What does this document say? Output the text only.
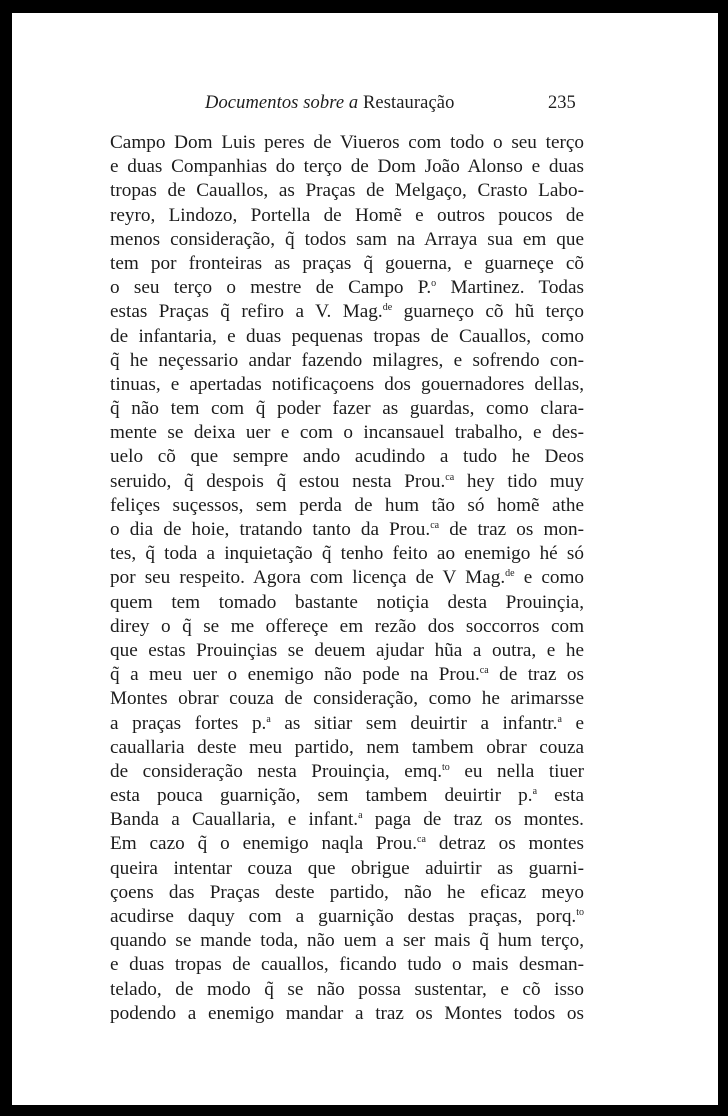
Documentos sobre a Restauração	235
Campo Dom Luis peres de Viueros com todo o seu terço
e duas Companhias do terço de Dom João Alonso e duas
tropas de Cauallos, as Praças de Melgaço, Crasto Labo-
reyro, Lindozo, Portella de Homẽ e outros poucos de
menos consideração, q̃ todos sam na Arraya sua em que
tem por fronteiras as praças q̃ gouerna, e guarneçe cõ
o seu terço o mestre de Campo P.$^o$ Martinez. Todas
estas Praças q̃ refiro a V. Mag.$^{de}$ guarneço cõ hũ terço
de infantaria, e duas pequenas tropas de Cauallos, como
q̃ he neçessario andar fazendo milagres, e sofrendo con-
tinuas, e apertadas notificaçoens dos gouernadores dellas,
q̃ não tem com q̃ poder fazer as guardas, como clara-
mente se deixa uer e com o incansauel trabalho, e des-
uelo cõ que sempre ando acudindo a tudo he Deos
seruido, q̃ despois q̃ estou nesta Prou.$^{ca}$ hey tido muy
feliçes suçessos, sem perda de hum tão só homẽ athe
o dia de hoie, tratando tanto da Prou.$^{ca}$ de traz os mon-
tes, q̃ toda a inquietação q̃ tenho feito ao enemigo hé só
por seu respeito. Agora com licença de V Mag.$^{de}$ e como
quem tem tomado bastante notiçia desta Prouinçia,
direy o q̃ se me offereçe em rezão dos soccorros com
que estas Prouinçias se deuem ajudar hũa a outra, e he
q̃ a meu uer o enemigo não pode na Prou.$^{ca}$ de traz os
Montes obrar couza de consideração, como he arimarsse
a praças fortes p.$^a$ as sitiar sem deuirtir a infantr.$^a$ e
cauallaria deste meu partido, nem tambem obrar couza
de consideração nesta Prouinçia, emq.$^{to}$ eu nella tiuer
esta pouca guarnição, sem tambem deuirtir p.$^a$ esta
Banda a Cauallaria, e infant.$^a$ paga de traz os montes.
Em cazo q̃ o enemigo naqla Prou.$^{ca}$ detraz os montes
queira intentar couza que obrigue aduirtir as guarni-
çoens das Praças deste partido, não he eficaz meyo
acudirse daquy com a guarnição destas praças, porq.$^{to}$
quando se mande toda, não uem a ser mais q̃ hum terço,
e duas tropas de cauallos, ficando tudo o mais desman-
telado, de modo q̃ se não possa sustentar, e cõ isso
podendo a enemigo mandar a traz os Montes todos os
